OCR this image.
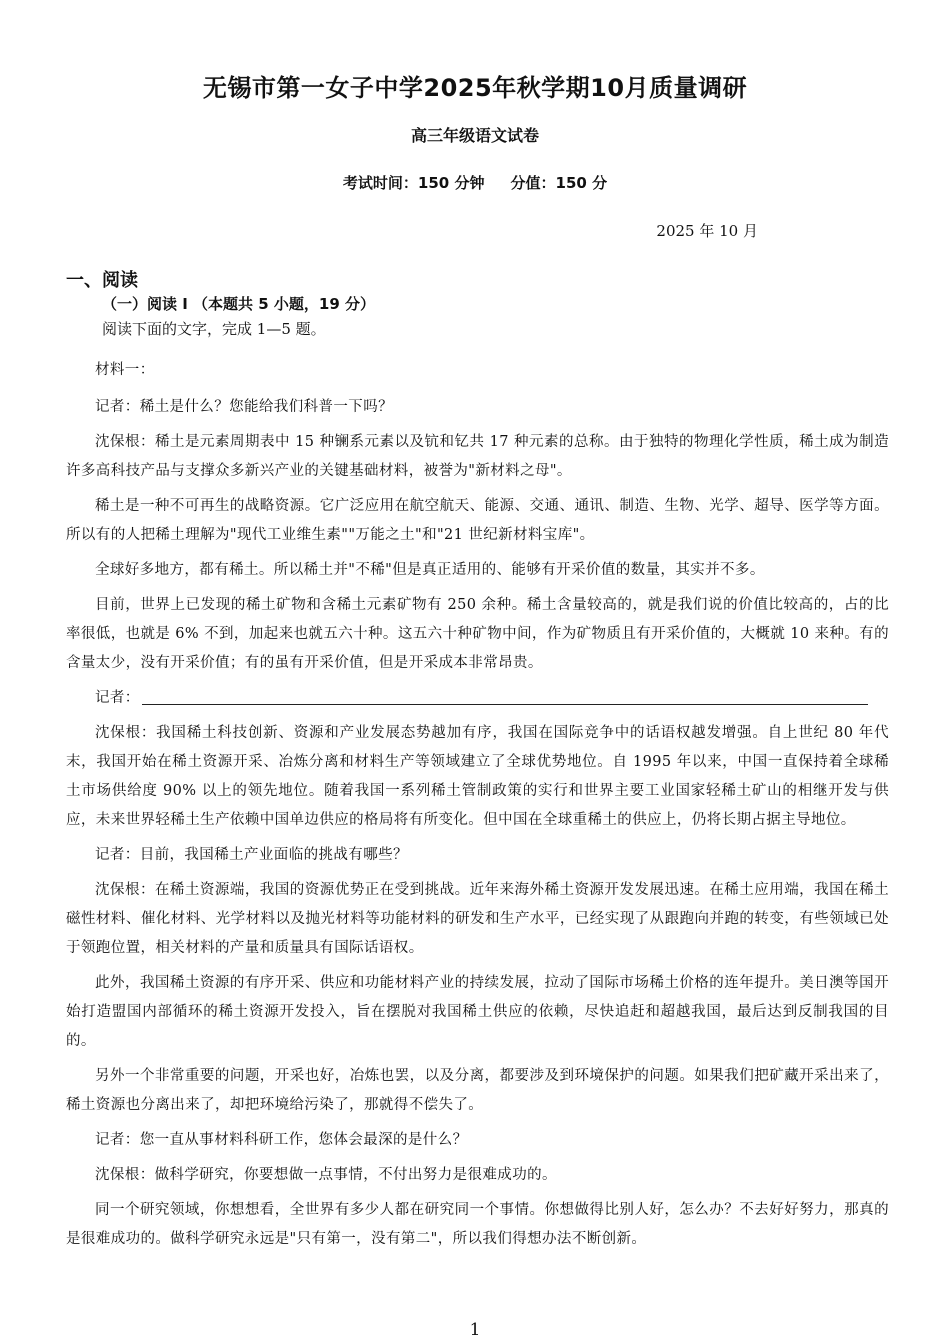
无锡市第一女子中学2025年秋学期10月质量调研
高三年级语文试卷
考试时间：150 分钟     分值：150 分
2025 年 10 月
一、阅读
（一）阅读 Ⅰ （本题共 5 小题，19 分）
阅读下面的文字，完成 1—5 题。

材料一：

记者：稀土是什么？您能给我们科普一下吗？

沈保根：稀土是元素周期表中 15 种镧系元素以及钪和钇共 17 种元素的总称。由于独特的物理化学性质，稀土成为制造许多高科技产品与支撑众多新兴产业的关键基础材料，被誉为"新材料之母"。

稀土是一种不可再生的战略资源。它广泛应用在航空航天、能源、交通、通讯、制造、生物、光学、超导、医学等方面。所以有的人把稀土理解为"现代工业维生素""万能之土"和"21 世纪新材料宝库"。

全球好多地方，都有稀土。所以稀土并"不稀"但是真正适用的、能够有开采价值的数量，其实并不多。

目前，世界上已发现的稀土矿物和含稀土元素矿物有 250 余种。稀土含量较高的，就是我们说的价值比较高的，占的比率很低，也就是 6% 不到，加起来也就五六十种。这五六十种矿物中间，作为矿物质且有开采价值的，大概就 10 来种。有的含量太少，没有开采价值；有的虽有开采价值，但是开采成本非常昂贵。

记者：

沈保根：我国稀土科技创新、资源和产业发展态势越加有序，我国在国际竞争中的话语权越发增强。自上世纪 80 年代末，我国开始在稀土资源开采、冶炼分离和材料生产等领域建立了全球优势地位。自 1995 年以来，中国一直保持着全球稀土市场供给度 90% 以上的领先地位。随着我国一系列稀土管制政策的实行和世界主要工业国家轻稀土矿山的相继开发与供应，未来世界轻稀土生产依赖中国单边供应的格局将有所变化。但中国在全球重稀土的供应上，仍将长期占据主导地位。

记者：目前，我国稀土产业面临的挑战有哪些？

沈保根：在稀土资源端，我国的资源优势正在受到挑战。近年来海外稀土资源开发发展迅速。在稀土应用端，我国在稀土磁性材料、催化材料、光学材料以及抛光材料等功能材料的研发和生产水平，已经实现了从跟跑向并跑的转变，有些领域已处于领跑位置，相关材料的产量和质量具有国际话语权。

此外，我国稀土资源的有序开采、供应和功能材料产业的持续发展，拉动了国际市场稀土价格的连年提升。美日澳等国开始打造盟国内部循环的稀土资源开发投入，旨在摆脱对我国稀土供应的依赖，尽快追赶和超越我国，最后达到反制我国的目的。

另外一个非常重要的问题，开采也好，冶炼也罢，以及分离，都要涉及到环境保护的问题。如果我们把矿藏开采出来了，稀土资源也分离出来了，却把环境给污染了，那就得不偿失了。

记者：您一直从事材料科研工作，您体会最深的是什么？

沈保根：做科学研究，你要想做一点事情，不付出努力是很难成功的。

同一个研究领域，你想想看，全世界有多少人都在研究同一个事情。你想做得比别人好，怎么办？不去好好努力，那真的是很难成功的。做科学研究永远是"只有第一，没有第二"，所以我们得想办法不断创新。

1
